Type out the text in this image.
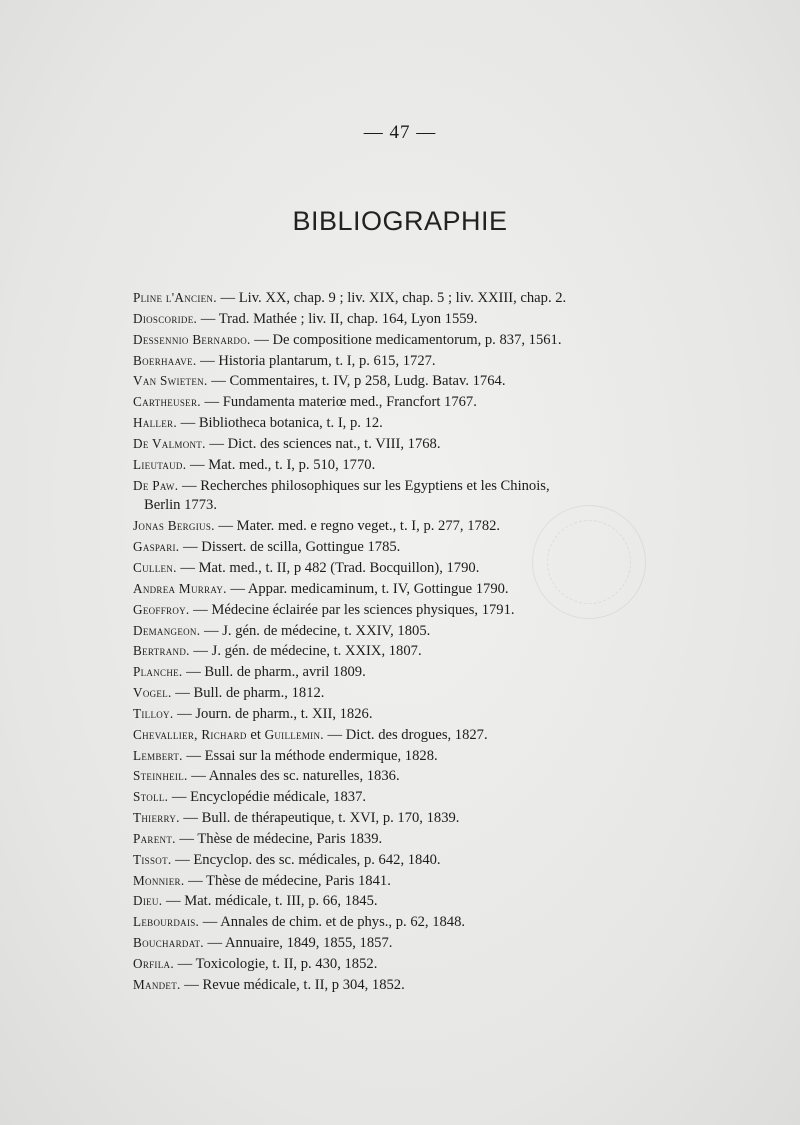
— 47 —
BIBLIOGRAPHIE
Pline l'Ancien. — Liv. XX, chap. 9 ; liv. XIX, chap. 5 ; liv. XXIII, chap. 2.
Dioscoride. — Trad. Mathée ; liv. II, chap. 164, Lyon 1559.
Dessennio Bernardo. — De compositione medicamentorum, p. 837, 1561.
Boerhaave. — Historia plantarum, t. I, p. 615, 1727.
Van Swieten. — Commentaires, t. IV, p 258, Ludg. Batav. 1764.
Cartheuser. — Fundamenta materiœ med., Francfort 1767.
Haller. — Bibliotheca botanica, t. I, p. 12.
De Valmont. — Dict. des sciences nat., t. VIII, 1768.
Lieutaud. — Mat. med., t. I, p. 510, 1770.
De Paw. — Recherches philosophiques sur les Egyptiens et les Chinois,
Berlin 1773.
Jonas Bergius. — Mater. med. e regno veget., t. I, p. 277, 1782.
Gaspari. — Dissert. de scilla, Gottingue 1785.
Cullen. — Mat. med., t. II, p 482 (Trad. Bocquillon), 1790.
Andrea Murray. — Appar. medicaminum, t. IV, Gottingue 1790.
Geoffroy. — Médecine éclairée par les sciences physiques, 1791.
Demangeon. — J. gén. de médecine, t. XXIV, 1805.
Bertrand. — J. gén. de médecine, t. XXIX, 1807.
Planche. — Bull. de pharm., avril 1809.
Vogel. — Bull. de pharm., 1812.
Tilloy. — Journ. de pharm., t. XII, 1826.
Chevallier, Richard et Guillemin. — Dict. des drogues, 1827.
Lembert. — Essai sur la méthode endermique, 1828.
Steinheil. — Annales des sc. naturelles, 1836.
Stoll. — Encyclopédie médicale, 1837.
Thierry. — Bull. de thérapeutique, t. XVI, p. 170, 1839.
Parent. — Thèse de médecine, Paris 1839.
Tissot. — Encyclop. des sc. médicales, p. 642, 1840.
Monnier. — Thèse de médecine, Paris 1841.
Dieu. — Mat. médicale, t. III, p. 66, 1845.
Lebourdais. — Annales de chim. et de phys., p. 62, 1848.
Bouchardat. — Annuaire, 1849, 1855, 1857.
Orfila. — Toxicologie, t. II, p. 430, 1852.
Mandet. — Revue médicale, t. II, p 304, 1852.
